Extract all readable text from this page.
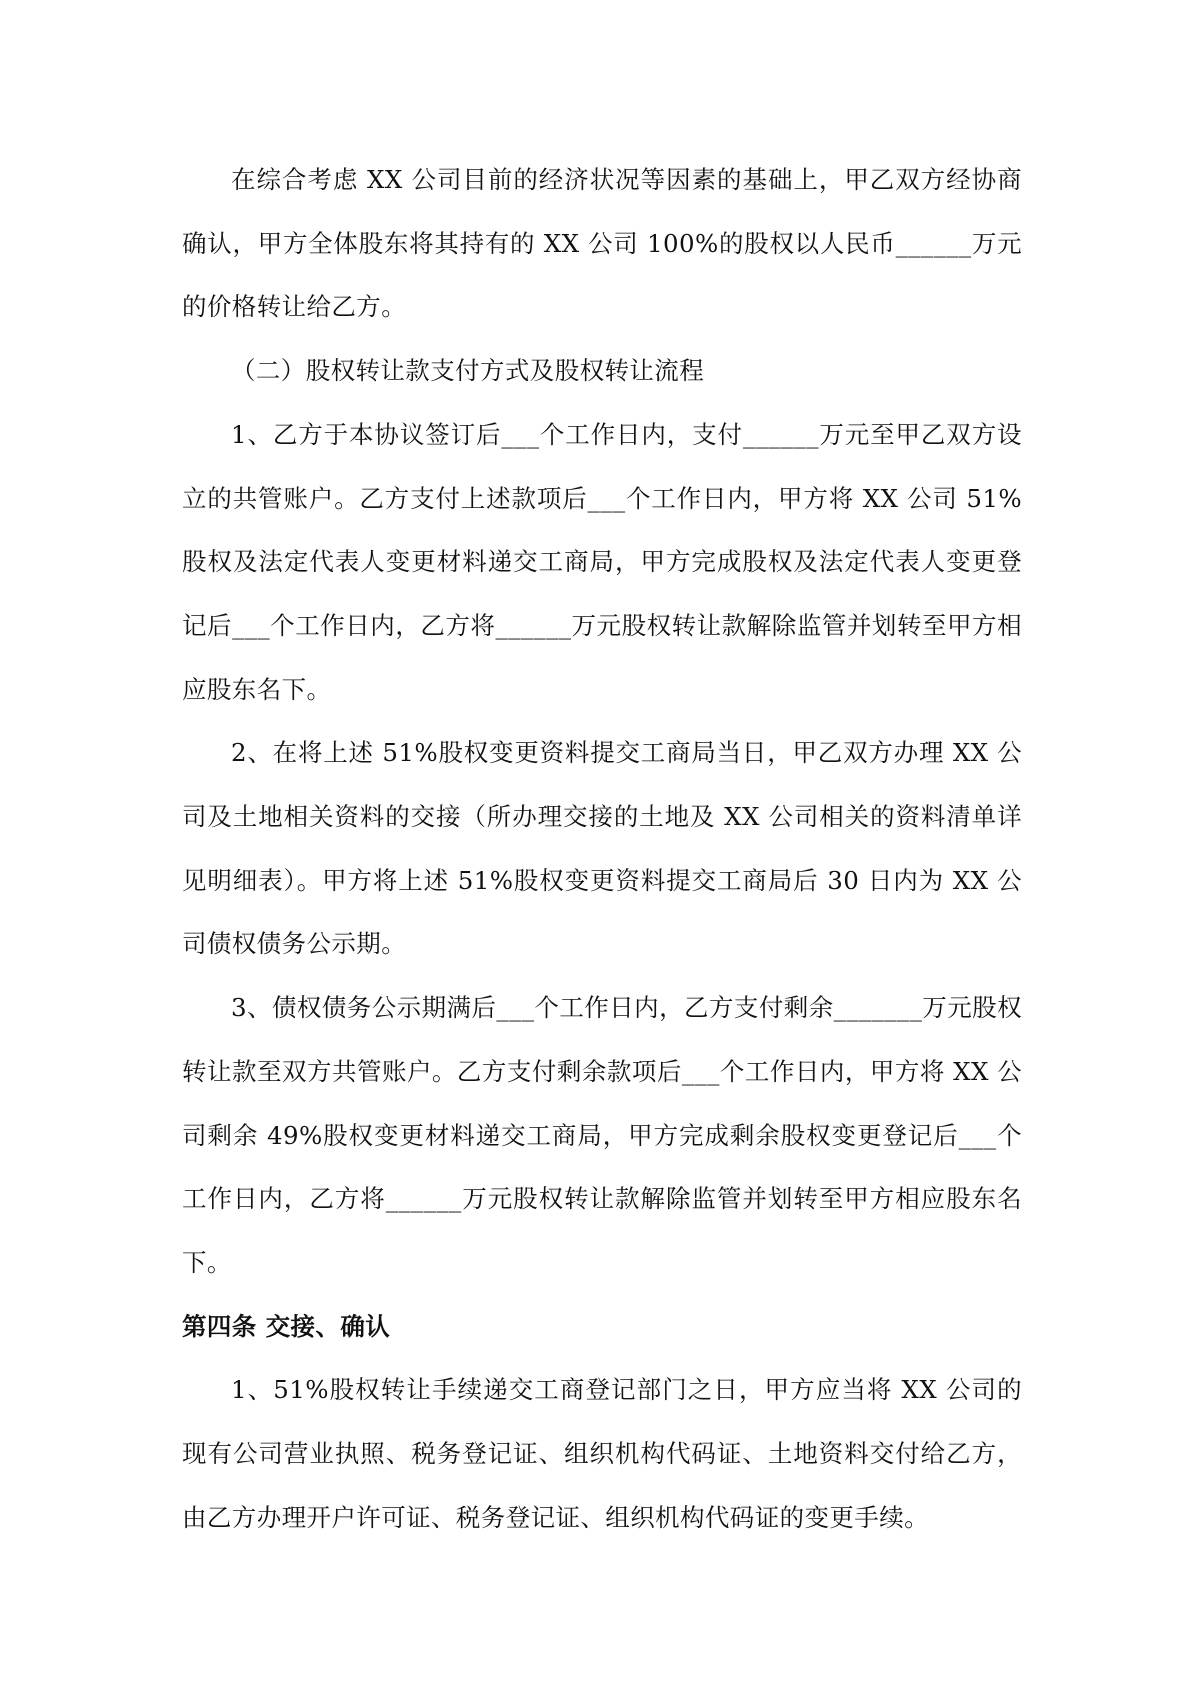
在综合考虑 XX 公司目前的经济状况等因素的基础上，甲乙双方经协商确认，甲方全体股东将其持有的 XX 公司 100%的股权以人民币______万元的价格转让给乙方。

（二）股权转让款支付方式及股权转让流程

1、乙方于本协议签订后___个工作日内，支付______万元至甲乙双方设立的共管账户。乙方支付上述款项后___个工作日内，甲方将 XX 公司 51%股权及法定代表人变更材料递交工商局，甲方完成股权及法定代表人变更登记后___个工作日内，乙方将______万元股权转让款解除监管并划转至甲方相应股东名下。

2、在将上述 51%股权变更资料提交工商局当日，甲乙双方办理 XX 公司及土地相关资料的交接（所办理交接的土地及 XX 公司相关的资料清单详见明细表）。甲方将上述 51%股权变更资料提交工商局后 30 日内为 XX 公司债权债务公示期。

3、债权债务公示期满后___个工作日内，乙方支付剩余_______万元股权转让款至双方共管账户。乙方支付剩余款项后___个工作日内，甲方将 XX 公司剩余 49%股权变更材料递交工商局，甲方完成剩余股权变更登记后___个工作日内，乙方将______万元股权转让款解除监管并划转至甲方相应股东名下。

第四条 交接、确认

1、51%股权转让手续递交工商登记部门之日，甲方应当将 XX 公司的现有公司营业执照、税务登记证、组织机构代码证、土地资料交付给乙方，由乙方办理开户许可证、税务登记证、组织机构代码证的变更手续。
